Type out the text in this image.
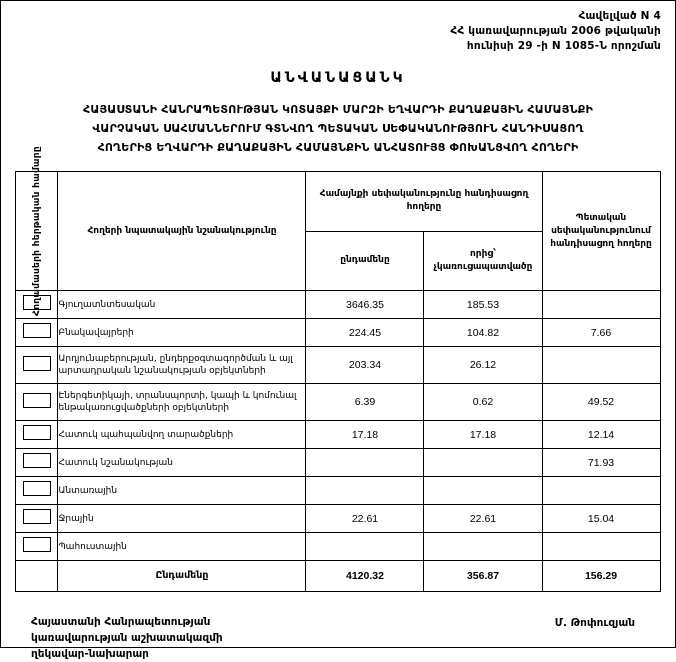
Հավելված N 4
ՀՀ կառավարության 2006 թվականի
հունիսի 29 -ի N 1085-Ն որոշման
ԱՆՎԱՆԱՑԱՆԿ
ՀԱՅԱՍՏԱՆԻ ՀԱՆՐԱՊԵՏՈՒԹՅԱՆ ԿՈՏԱՅՔԻ ՄԱՐԶԻ ԵՂՎԱՐԴԻ ՔԱՂԱՔԱՅԻՆ ՀԱՄԱՅՆՔԻ
ՎԱՐՉԱԿԱՆ ՍԱՀՄԱՆՆԵՐՈՒՄ ԳՏՆՎՈՂ ՊԵՏԱԿԱՆ ՍԵՓԱԿԱՆՈՒԹՅՈՒՆ ՀԱՆԴԻՍԱՑՈՂ
ՀՈՂԵՐԻՑ ԵՂՎԱՐԴԻ ՔԱՂԱՔԱՅԻՆ ՀԱՄԱՅՆՔԻՆ ԱՆՀԱՏՈՒՅՑ ՓՈԽԱՆՑՎՈՂ ՀՈՂԵՐԻ
Հողամասերի հերթական համարը	Հողերի նպատակային նշանակությունը	Համայնքի սեփականությունը հանդիսացող հողերը		Պետական սեփականությունում հանդիսացող հողերը
		ընդամենը	որից՝ չկառուցապատվածը	
	Գյուղատնտեսական	3646.35	185.53	
	Բնակավայրերի	224.45	104.82	7.66
	Արդյունաբերության, ընդերքօգտագործման և այլ արտադրական նշանակության օբյեկտների	203.34	26.12	
	Էներգետիկայի, տրանսպորտի, կապի և կոմունալ ենթակառուցվածքների օբյեկտների	6.39	0.62	49.52
	Հատուկ պահպանվող տարածքների	17.18	17.18	12.14
	Հատուկ նշանակության			71.93
	Անտառային			
	Ջրային	22.61	22.61	15.04
	Պահուստային			
	Ընդամենը	4120.32	356.87	156.29
Հայաստանի Հանրապետության
կառավարության աշխատակազմի
ղեկավար-նախարար
Մ. Թոփուզյան
